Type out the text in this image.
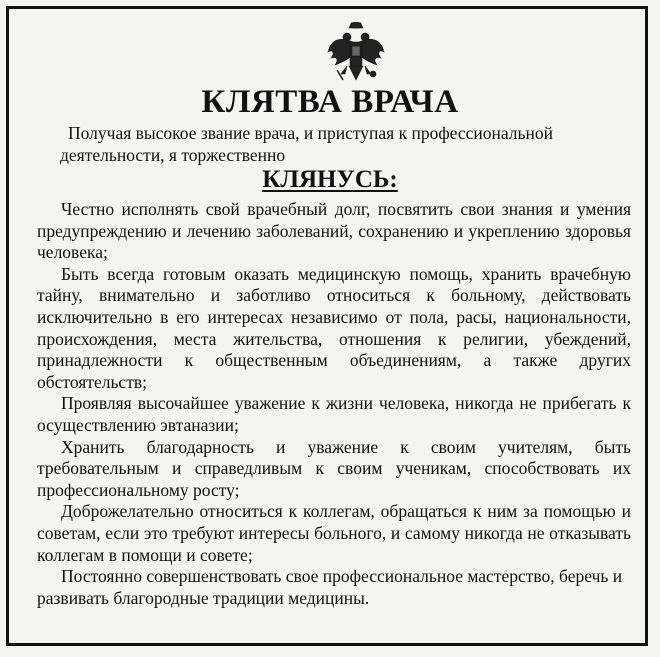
КЛЯТВА ВРАЧА

Получая высокое звание врача, и приступая к профессиональной деятельности, я торжественно

КЛЯНУСЬ:

Честно исполнять свой врачебный долг, посвятить свои знания и умения предупреждению и лечению заболеваний, сохранению и укреплению здоровья человека;

Быть всегда готовым оказать медицинскую помощь, хранить врачебную тайну, внимательно и заботливо относиться к больному, действовать исключительно в его интересах независимо от пола, расы, национальности, происхождения, места жительства, отношения к религии, убеждений, принадлежности к общественным объединениям, а также других обстоятельств;

Проявляя высочайшее уважение к жизни человека, никогда не прибегать к осуществлению эвтаназии;

Хранить благодарность и уважение к своим учителям, быть требовательным и справедливым к своим ученикам, способствовать их профессиональному росту;

Доброжелательно относиться к коллегам, обращаться к ним за помощью и советам, если это требуют интересы больного, и самому никогда не отказывать коллегам в помощи и совете;

Постоянно совершенствовать свое профессиональное мастерство, беречь и развивать благородные традиции медицины.
